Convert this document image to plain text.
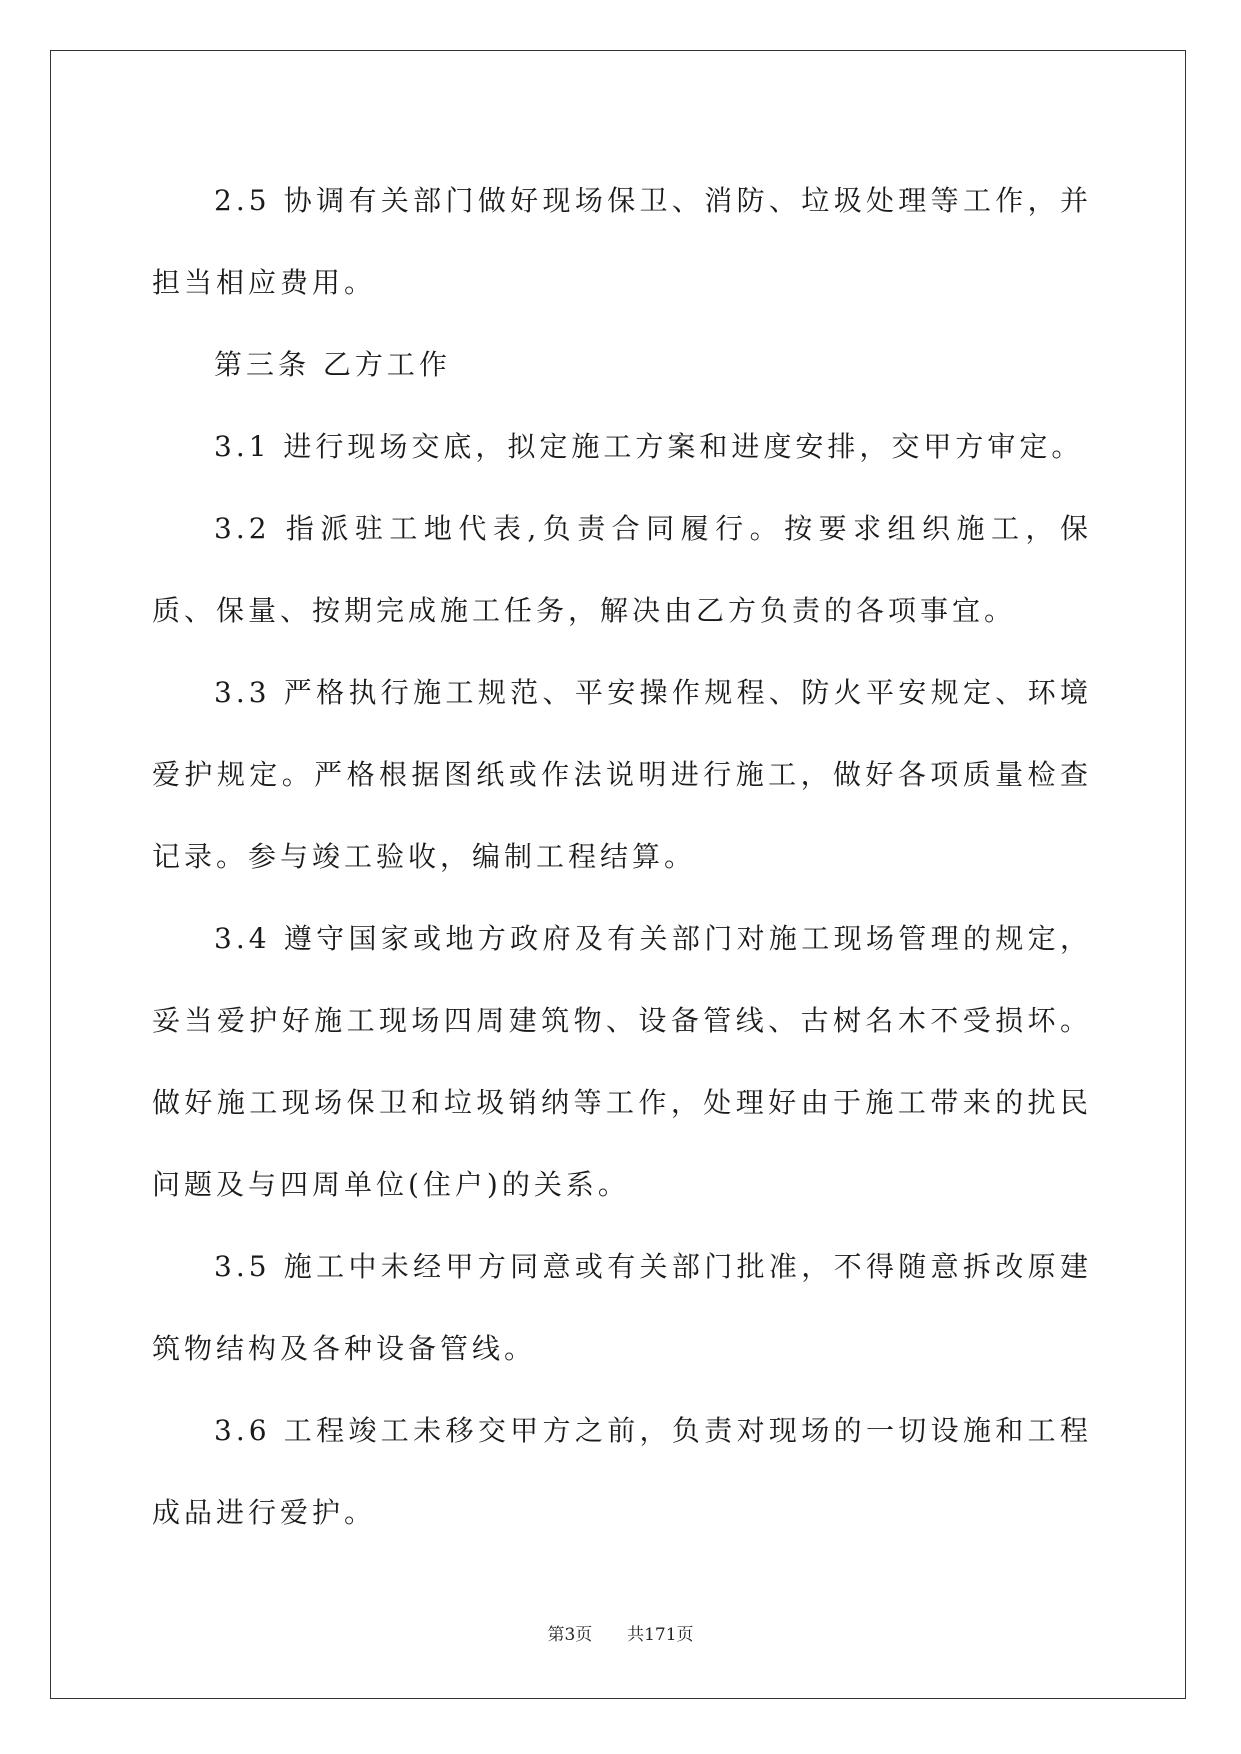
2.5 协调有关部门做好现场保卫、消防、垃圾处理等工作，并担当相应费用。

第三条 乙方工作

3.1 进行现场交底，拟定施工方案和进度安排，交甲方审定。

3.2 指派驻工地代表,负责合同履行。按要求组织施工，保质、保量、按期完成施工任务，解决由乙方负责的各项事宜。

3.3 严格执行施工规范、平安操作规程、防火平安规定、环境爱护规定。严格根据图纸或作法说明进行施工，做好各项质量检查记录。参与竣工验收，编制工程结算。

3.4 遵守国家或地方政府及有关部门对施工现场管理的规定，妥当爱护好施工现场四周建筑物、设备管线、古树名木不受损坏。做好施工现场保卫和垃圾销纳等工作，处理好由于施工带来的扰民问题及与四周单位(住户)的关系。

3.5 施工中未经甲方同意或有关部门批准，不得随意拆改原建筑物结构及各种设备管线。

3.6 工程竣工未移交甲方之前，负责对现场的一切设施和工程成品进行爱护。

第3页 共171页
